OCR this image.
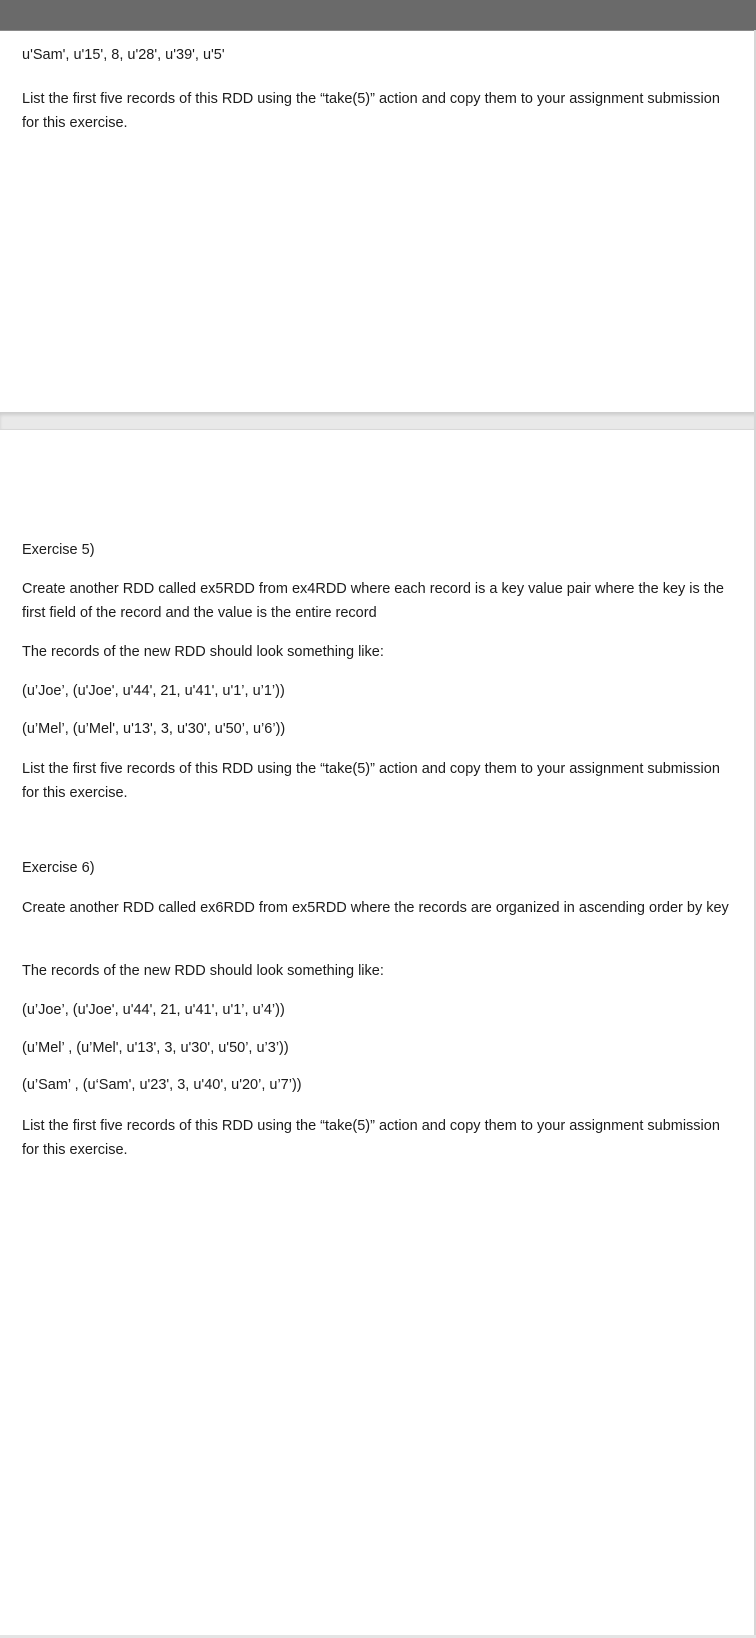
u'Sam', u'15', 8, u'28', u'39', u'5'
List the first five records of this RDD using the “take(5)” action and copy them to your assignment submission for this exercise.
Exercise 5)
Create another RDD called ex5RDD from ex4RDD where each record is a key value pair where the key is the first field of the record and the value is the entire record
The records of the new RDD should look something like:
(u’Joe’, (u'Joe', u'44', 21, u'41', u'1’, u’1’))
(u’Mel’, (u’Mel', u'13', 3, u'30', u'50’, u’6’))
List the first five records of this RDD using the “take(5)” action and copy them to your assignment submission for this exercise.
Exercise 6)
Create another RDD called ex6RDD from ex5RDD where the records are organized in ascending order by key
The records of the new RDD should look something like:
(u’Joe’, (u'Joe', u'44', 21, u'41', u'1’, u’4’))
(u’Mel’ , (u’Mel', u'13', 3, u'30', u'50’, u’3’))
(u’Sam’ , (u‘Sam', u'23', 3, u'40', u'20’, u’7’))
List the first five records of this RDD using the “take(5)” action and copy them to your assignment submission for this exercise.
